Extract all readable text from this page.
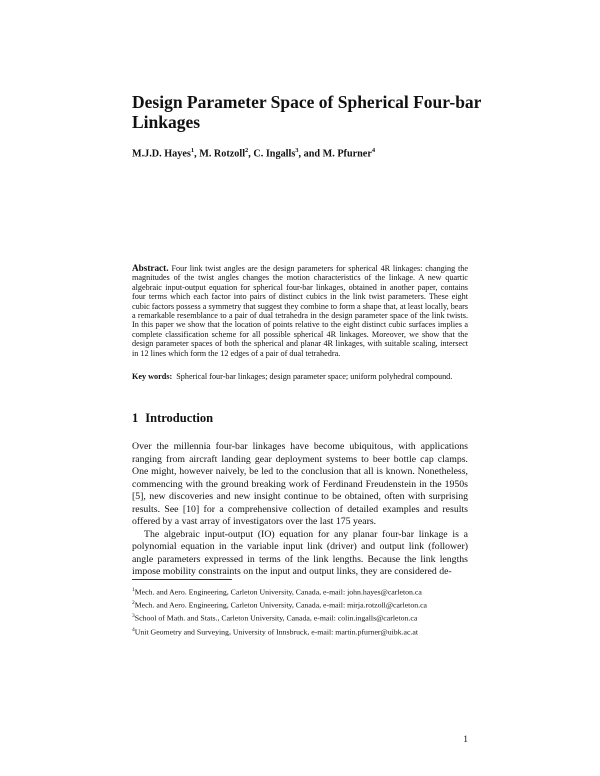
Design Parameter Space of Spherical Four-bar Linkages
M.J.D. Hayes$^1$, M. Rotzoll$^2$, C. Ingalls$^3$, and M. Pfurner$^4$
Abstract. Four link twist angles are the design parameters for spherical 4R linkages: changing the magnitudes of the twist angles changes the motion characteristics of the linkage. A new quartic algebraic input-output equation for spherical four-bar linkages, obtained in another paper, contains four terms which each factor into pairs of distinct cubics in the link twist parameters. These eight cubic factors possess a symmetry that suggest they combine to form a shape that, at least locally, bears a remarkable resemblance to a pair of dual tetrahedra in the design parameter space of the link twists. In this paper we show that the location of points relative to the eight distinct cubic surfaces implies a complete classification scheme for all possible spherical 4R linkages. Moreover, we show that the design parameter spaces of both the spherical and planar 4R linkages, with suitable scaling, intersect in 12 lines which form the 12 edges of a pair of dual tetrahedra.
Key words: Spherical four-bar linkages; design parameter space; uniform polyhedral compound.
1 Introduction

Over the millennia four-bar linkages have become ubiquitous, with applications ranging from aircraft landing gear deployment systems to beer bottle cap clamps. One might, however naively, be led to the conclusion that all is known. Nonetheless, commencing with the ground breaking work of Ferdinand Freudenstein in the 1950s [5], new discoveries and new insight continue to be obtained, often with surprising results. See [10] for a comprehensive collection of detailed examples and results offered by a vast array of investigators over the last 175 years.

The algebraic input-output (IO) equation for any planar four-bar linkage is a polynomial equation in the variable input link (driver) and output link (follower) angle parameters expressed in terms of the link lengths. Because the link lengths impose mobility constraints on the input and output links, they are considered de-

$^1$Mech. and Aero. Engineering, Carleton University, Canada, e-mail: john.hayes@carleton.ca
$^2$Mech. and Aero. Engineering, Carleton University, Canada, e-mail: mirja.rotzoll@carleton.ca
$^3$School of Math. and Stats., Carleton University, Canada, e-mail: colin.ingalls@carleton.ca
$^4$Unit Geometry and Surveying, University of Innsbruck, e-mail: martin.pfurner@uibk.ac.at
1
